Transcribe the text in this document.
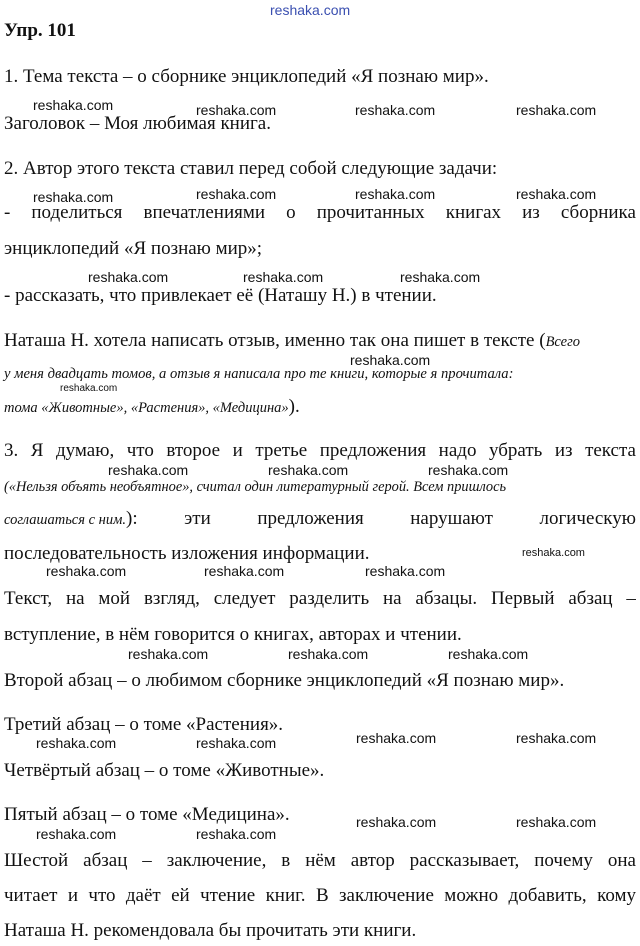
reshaka.com
Упр. 101
1. Тема текста – о сборнике энциклопедий «Я познаю мир».
reshaka.com	reshaka.com	reshaka.com	reshaka.com
Заголовок – Моя любимая книга.
2. Автор этого текста ставил перед собой следующие задачи:
reshaka.com	reshaka.com	reshaka.com	reshaka.com
- поделиться впечатлениями о прочитанных книгах из сборника
энциклопедий «Я познаю мир»;
reshaka.com	reshaka.com	reshaka.com
- рассказать, что привлекает её (Наташу Н.) в чтении.
Наташа Н. хотела написать отзыв, именно так она пишет в тексте (Всего
reshaka.com
у меня двадцать томов, а отзыв я написала про те книги, которые я прочитала:
reshaka.com
тома «Животные», «Растения», «Медицина»).
3. Я думаю, что второе и третье предложения надо убрать из текста
reshaka.com	reshaka.com	reshaka.com
(«Нельзя объять необъятное», считал один литературный герой. Всем пришлось
соглашаться с ним.): эти предложения нарушают логическую
последовательность изложения информации.	reshaka.com
reshaka.com	reshaka.com	reshaka.com
Текст, на мой взгляд, следует разделить на абзацы. Первый абзац –
вступление, в нём говорится о книгах, авторах и чтении.
reshaka.com	reshaka.com	reshaka.com
Второй абзац – о любимом сборнике энциклопедий «Я познаю мир».
Третий абзац – о томе «Растения».
reshaka.com	reshaka.com	reshaka.com	reshaka.com
Четвёртый абзац – о томе «Животные».
Пятый абзац – о томе «Медицина».
reshaka.com	reshaka.com
reshaka.com	reshaka.com
Шестой абзац – заключение, в нём автор рассказывает, почему она
читает и что даёт ей чтение книг. В заключение можно добавить, кому
Наташа Н. рекомендовала бы прочитать эти книги.
